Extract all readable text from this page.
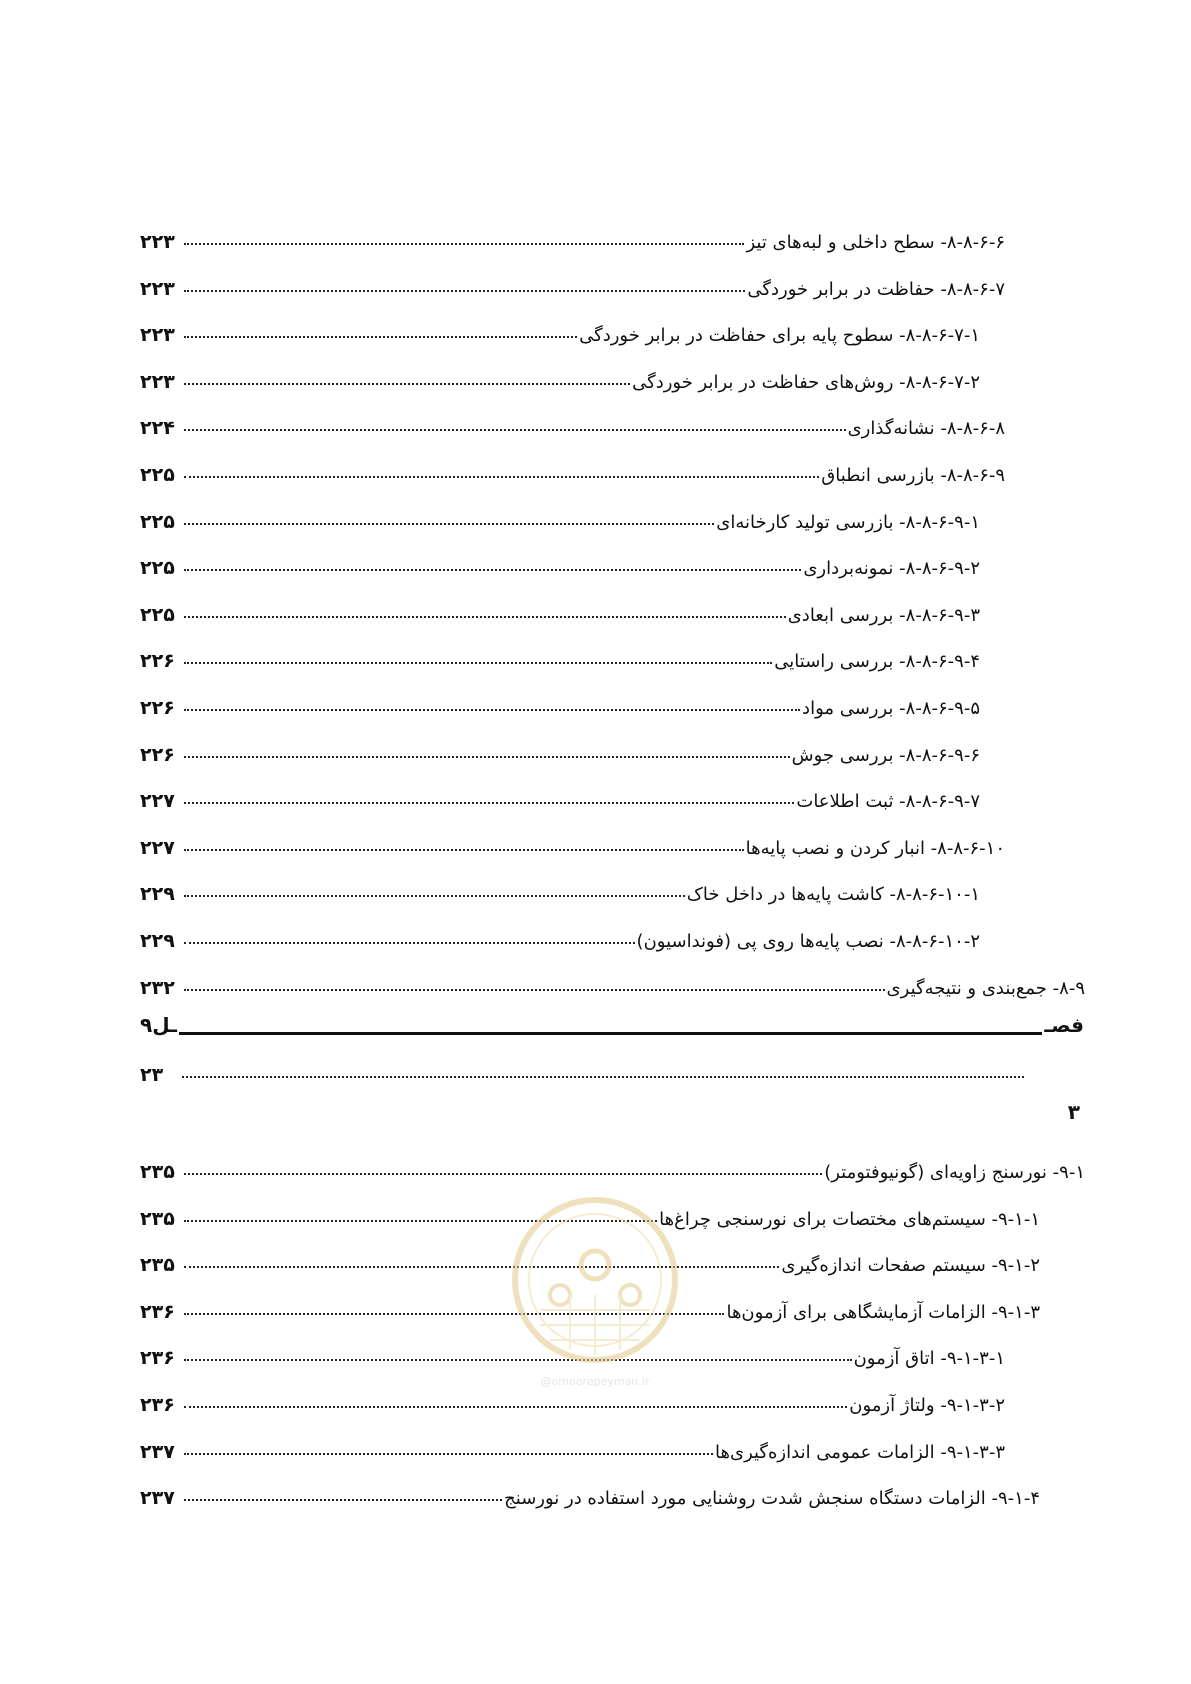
۸-۸-۶-۶- سطح داخلی و لبه‌های تیز
۲۲۳
۸-۸-۶-۷- حفاظت در برابر خوردگی
۲۲۳
۸-۸-۶-۷-۱- سطوح پایه برای حفاظت در برابر خوردگی
۲۲۳
۸-۸-۶-۷-۲- روش‌های حفاظت در برابر خوردگی
۲۲۳
۸-۸-۶-۸- نشانه‌گذاری
۲۲۴
۸-۸-۶-۹- بازرسی انطباق
۲۲۵
۸-۸-۶-۹-۱- بازرسی تولید کارخانه‌ای
۲۲۵
۸-۸-۶-۹-۲- نمونه‌برداری
۲۲۵
۸-۸-۶-۹-۳- بررسی ابعادی
۲۲۵
۸-۸-۶-۹-۴- بررسی راستایی
۲۲۶
۸-۸-۶-۹-۵- بررسی مواد
۲۲۶
۸-۸-۶-۹-۶- بررسی جوش
۲۲۶
۸-۸-۶-۹-۷- ثبت اطلاعات
۲۲۷
۸-۸-۶-۱۰- انبار کردن و نصب پایه‌ها
۲۲۷
۸-۸-۶-۱۰-۱- کاشت پایه‌ها در داخل خاک
۲۲۹
۸-۸-۶-۱۰-۲- نصب پایه‌ها روی پی (فونداسیون)
۲۲۹
۸-۹- جمع‌بندی و نتیجه‌گیری
۲۳۲
فصـ
ـل۹
۲۳
۳
۹-۱- نورسنج زاویه‌ای (گونیوفتومتر)
۲۳۵
۹-۱-۱- سیستم‌های مختصات برای نورسنجی چراغ‌ها
۲۳۵
۹-۱-۲- سیستم صفحات اندازه‌گیری
۲۳۵
۹-۱-۳- الزامات آزمایشگاهی برای آزمون‌ها
۲۳۶
۹-۱-۳-۱- اتاق آزمون
۲۳۶
۹-۱-۳-۲- ولتاژ آزمون
۲۳۶
۹-۱-۳-۳- الزامات عمومی اندازه‌گیری‌ها
۲۳۷
۹-۱-۴- الزامات دستگاه سنجش شدت روشنایی مورد استفاده در نورسنج
۲۳۷
@omoorepeyman.ir
